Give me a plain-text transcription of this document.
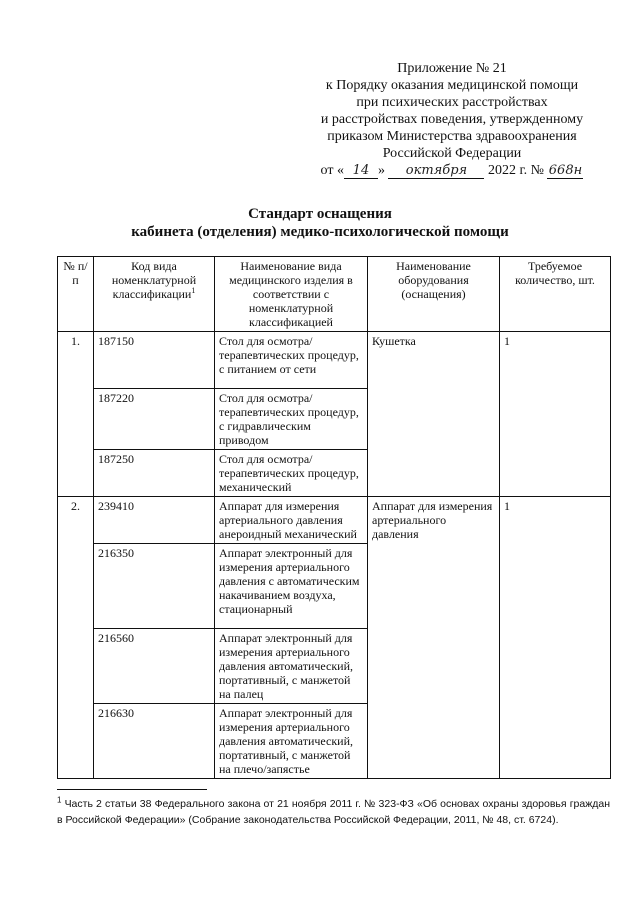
Приложение № 21
к Порядку оказания медицинской помощи
при психических расстройствах
и расстройствах поведения, утвержденному
приказом Министерства здравоохранения
Российской Федерации
от « 14 » октября 2022 г. № 668н
Стандарт оснащения
кабинета (отделения) медико-психологической помощи
№ п/п	Код вида номенклатурной классификации$^1$	Наименование вида медицинского изделия в соответствии с номенклатурной классификацией	Наименование оборудования (оснащения)	Требуемое количество, шт.
1.	187150	Стол для осмотра/терапевтических процедур, с питанием от сети	Кушетка	1
	187220	Стол для осмотра/терапевтических процедур, с гидравлическим приводом		
	187250	Стол для осмотра/терапевтических процедур, механический		
2.	239410	Аппарат для измерения артериального давления анероидный механический	Аппарат для измерения артериального давления	1
	216350	Аппарат электронный для измерения артериального давления с автоматическим накачиванием воздуха, стационарный		
	216560	Аппарат электронный для измерения артериального давления автоматический, портативный, с манжетой на палец		
	216630	Аппарат электронный для измерения артериального давления автоматический, портативный, с манжетой на плечо/запястье		
$^1$ Часть 2 статьи 38 Федерального закона от 21 ноября 2011 г. № 323-ФЗ «Об основах охраны здоровья граждан в Российской Федерации» (Собрание законодательства Российской Федерации, 2011, № 48, ст. 6724).
